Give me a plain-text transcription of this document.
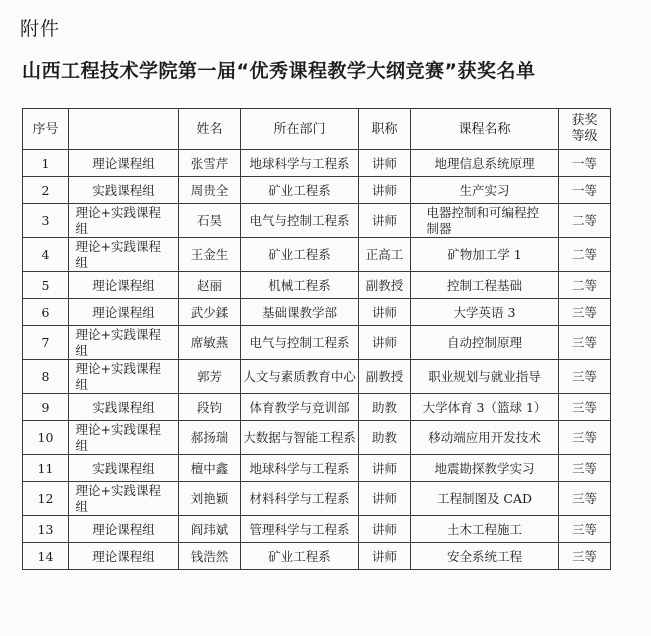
附件
山西工程技术学院第一届“优秀课程教学大纲竞赛”获奖名单
序号		姓名	所在部门	职称	课程名称	获奖等级
1	理论课程组	张雪芹	地球科学与工程系	讲师	地理信息系统原理	一等
2	实践课程组	周贵全	矿业工程系	讲师	生产实习	一等
3	理论+实践课程组	石昊	电气与控制工程系	讲师	电器控制和可编程控制器	二等
4	理论+实践课程组	王金生	矿业工程系	正高工	矿物加工学 1	二等
5	理论课程组	赵丽	机械工程系	副教授	控制工程基础	二等
6	理论课程组	武少鍒	基础课教学部	讲师	大学英语 3	三等
7	理论+实践课程组	席敏燕	电气与控制工程系	讲师	自动控制原理	三等
8	理论+实践课程组	郭芳	人文与素质教育中心	副教授	职业规划与就业指导	三等
9	实践课程组	段钧	体育教学与竞训部	助教	大学体育 3（篮球 1）	三等
10	理论+实践课程组	郝扬瑞	大数据与智能工程系	助教	移动端应用开发技术	三等
11	实践课程组	檀中鑫	地球科学与工程系	讲师	地震勘探教学实习	三等
12	理论+实践课程组	刘艳颖	材料科学与工程系	讲师	工程制图及 CAD	三等
13	理论课程组	阎玮斌	管理科学与工程系	讲师	土木工程施工	三等
14	理论课程组	钱浩然	矿业工程系	讲师	安全系统工程	三等
